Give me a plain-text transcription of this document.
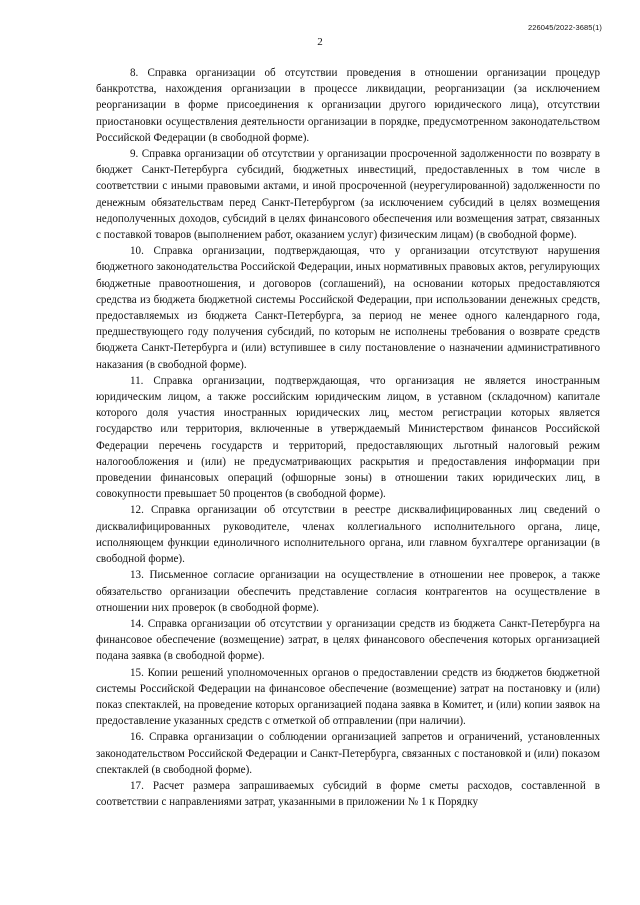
226045/2022-3685(1)
2

8. Справка организации об отсутствии проведения в отношении организации процедур банкротства, нахождения организации в процессе ликвидации, реорганизации (за исключением реорганизации в форме присоединения к организации другого юридического лица), отсутствии приостановки осуществления деятельности организации в порядке, предусмотренном законодательством Российской Федерации (в свободной форме).

9. Справка организации об отсутствии у организации просроченной задолженности по возврату в бюджет Санкт-Петербурга субсидий, бюджетных инвестиций, предоставленных в том числе в соответствии с иными правовыми актами, и иной просроченной (неурегулированной) задолженности по денежным обязательствам перед Санкт-Петербургом (за исключением субсидий в целях возмещения недополученных доходов, субсидий в целях финансового обеспечения или возмещения затрат, связанных с поставкой товаров (выполнением работ, оказанием услуг) физическим лицам) (в свободной форме).

10. Справка организации, подтверждающая, что у организации отсутствуют нарушения бюджетного законодательства Российской Федерации, иных нормативных правовых актов, регулирующих бюджетные правоотношения, и договоров (соглашений), на основании которых предоставляются средства из бюджета бюджетной системы Российской Федерации, при использовании денежных средств, предоставляемых из бюджета Санкт-Петербурга, за период не менее одного календарного года, предшествующего году получения субсидий, по которым не исполнены требования о возврате средств бюджета Санкт-Петербурга и (или) вступившее в силу постановление о назначении административного наказания (в свободной форме).

11. Справка организации, подтверждающая, что организация не является иностранным юридическим лицом, а также российским юридическим лицом, в уставном (складочном) капитале которого доля участия иностранных юридических лиц, местом регистрации которых является государство или территория, включенные в утверждаемый Министерством финансов Российской Федерации перечень государств и территорий, предоставляющих льготный налоговый режим налогообложения и (или) не предусматривающих раскрытия и предоставления информации при проведении финансовых операций (офшорные зоны) в отношении таких юридических лиц, в совокупности превышает 50 процентов (в свободной форме).

12. Справка организации об отсутствии в реестре дисквалифицированных лиц сведений о дисквалифицированных руководителе, членах коллегиального исполнительного органа, лице, исполняющем функции единоличного исполнительного органа, или главном бухгалтере организации (в свободной форме).

13. Письменное согласие организации на осуществление в отношении нее проверок, а также обязательство организации обеспечить представление согласия контрагентов на осуществление в отношении них проверок (в свободной форме).

14. Справка организации об отсутствии у организации средств из бюджета Санкт-Петербурга на финансовое обеспечение (возмещение) затрат, в целях финансового обеспечения которых организацией подана заявка (в свободной форме).

15. Копии решений уполномоченных органов о предоставлении средств из бюджетов бюджетной системы Российской Федерации на финансовое обеспечение (возмещение) затрат на постановку и (или) показ спектаклей, на проведение которых организацией подана заявка в Комитет, и (или) копии заявок на предоставление указанных средств с отметкой об отправлении (при наличии).

16. Справка организации о соблюдении организацией запретов и ограничений, установленных законодательством Российской Федерации и Санкт-Петербурга, связанных с постановкой и (или) показом спектаклей (в свободной форме).

17. Расчет размера запрашиваемых субсидий в форме сметы расходов, составленной в соответствии с направлениями затрат, указанными в приложении № 1 к Порядку
